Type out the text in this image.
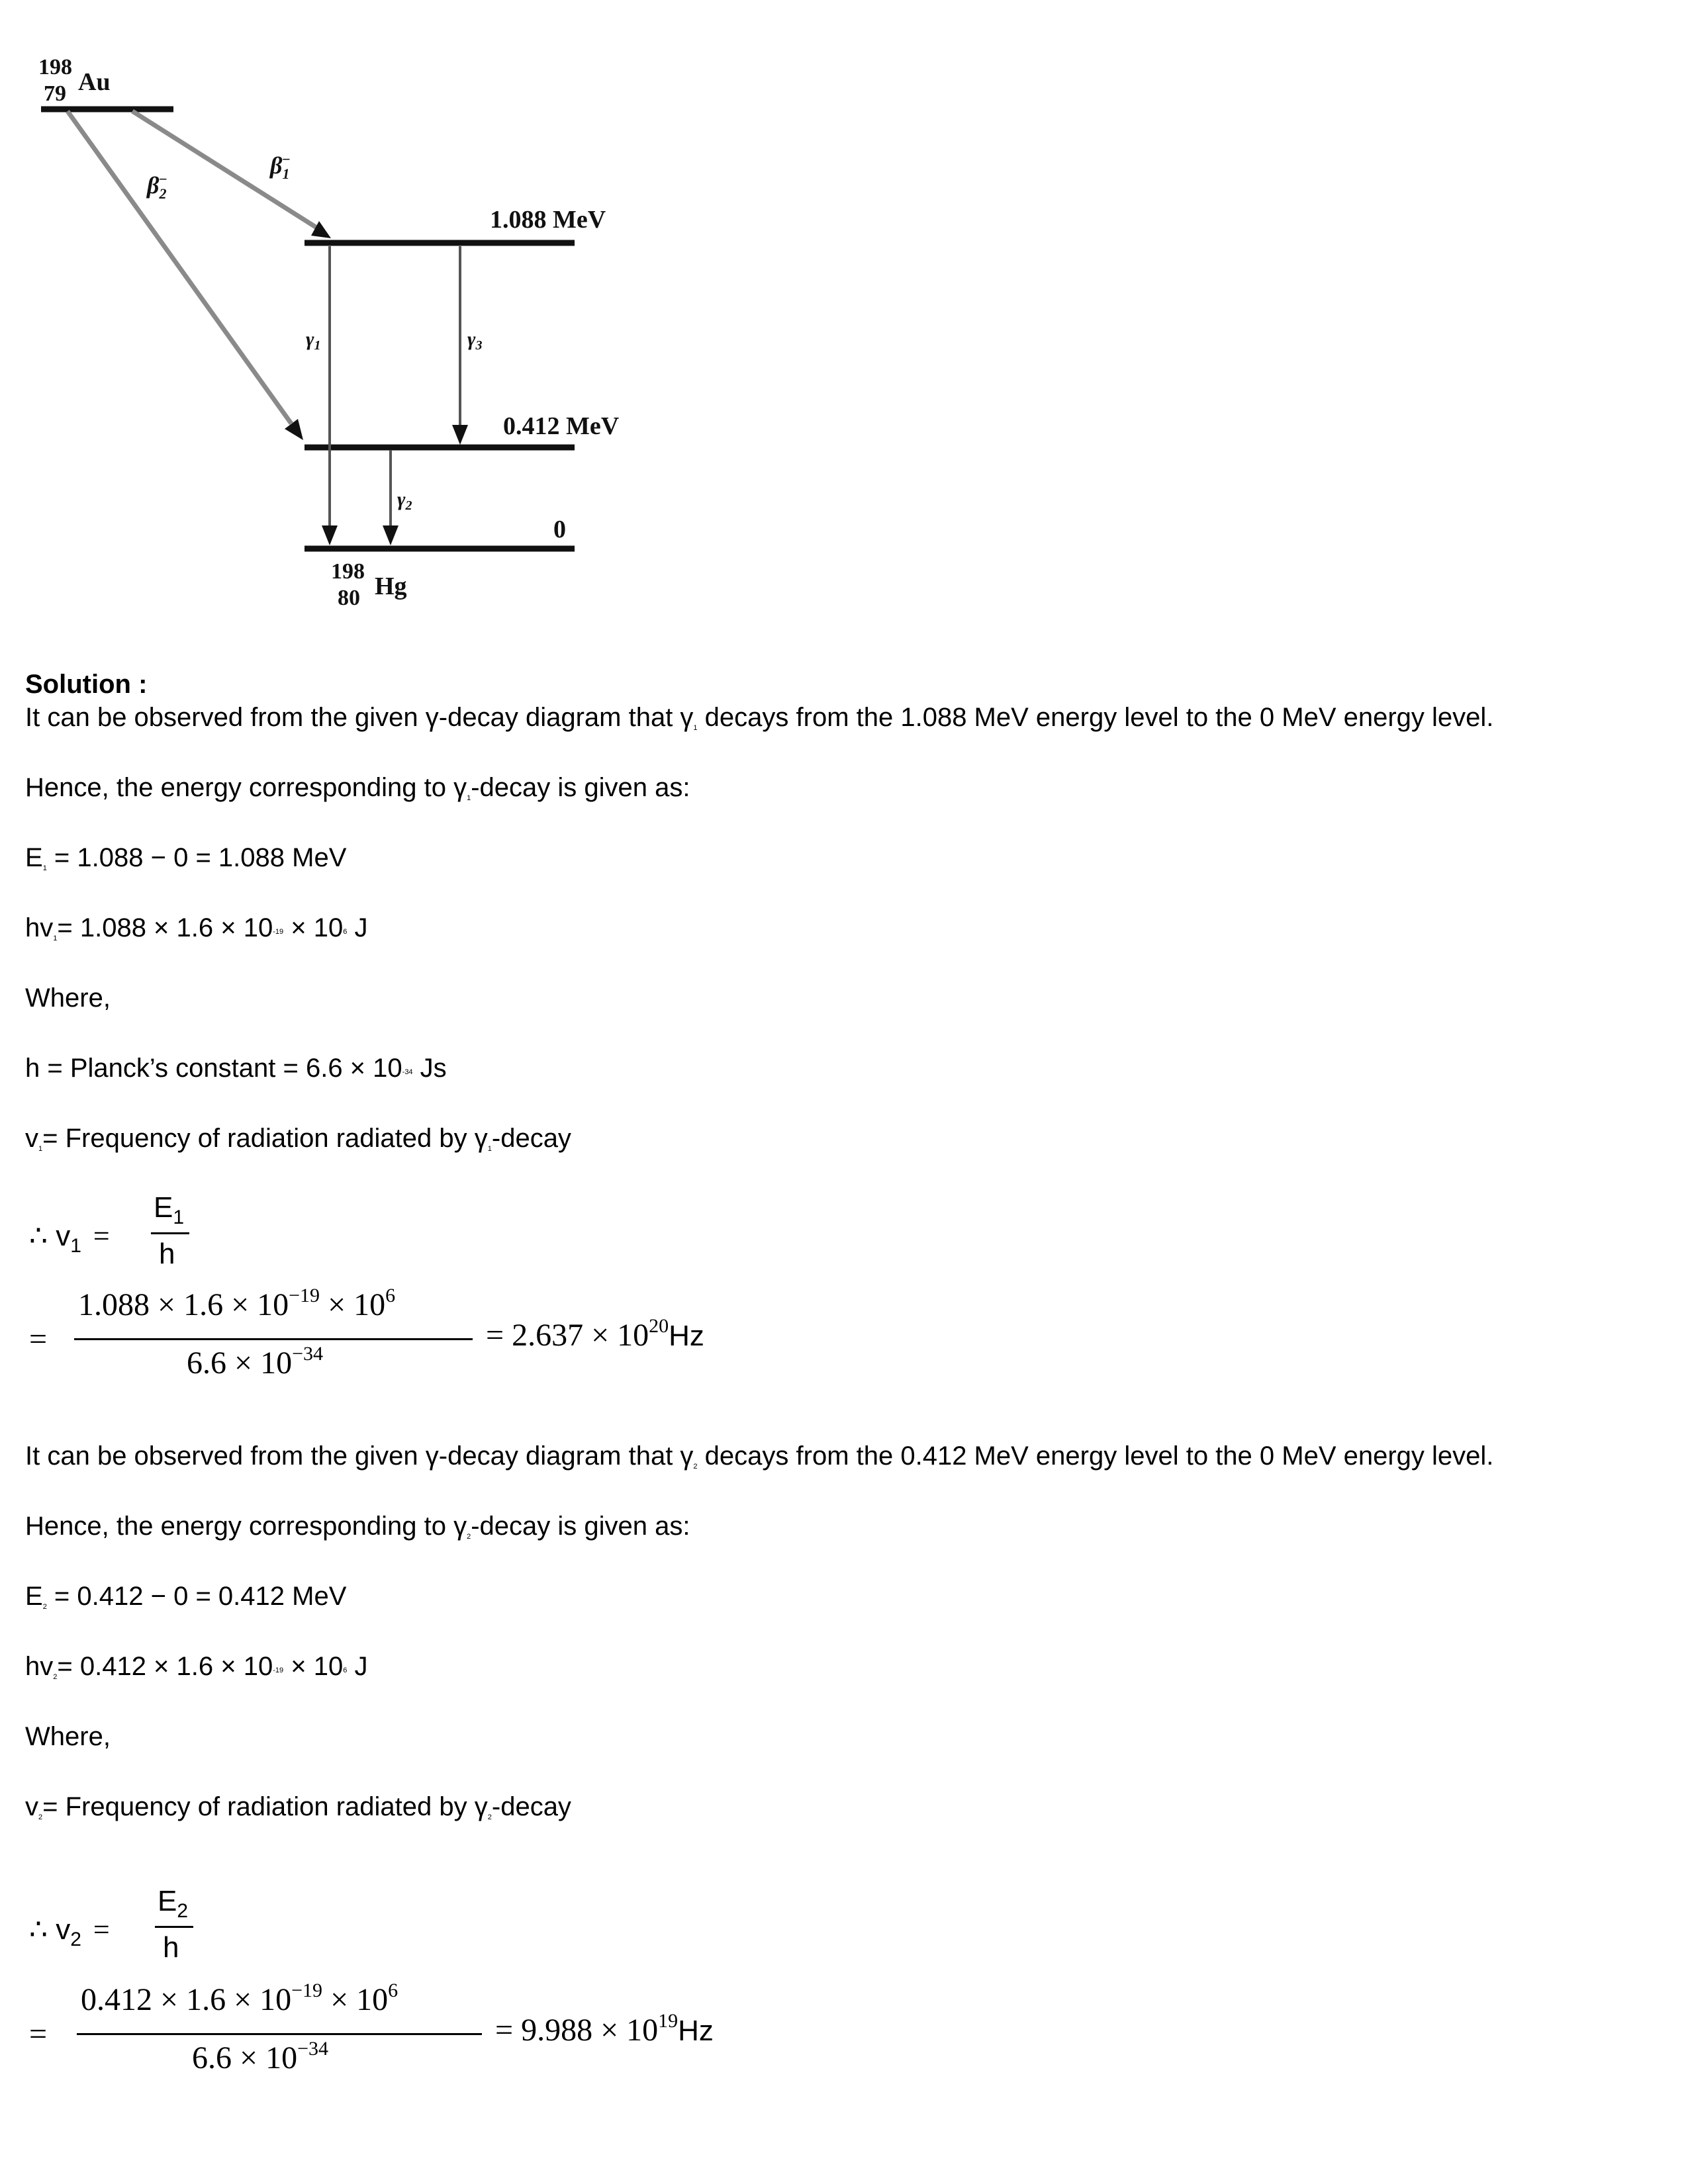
198
79 Au
$\beta_1-$
$\beta_2-$
$\gamma_1$	$\gamma_3$
$\gamma_2$
1.088 MeV
0.412 MeV
0
198
80 Hg
Solution :
It can be observed from the given γ-decay diagram that γ1 decays from the 1.088 MeV energy level to the 0 MeV energy level.
Hence, the energy corresponding to γ1-decay is given as:
E1 = 1.088 − 0 = 1.088 MeV
hv1= 1.088 × 1.6 × 10-19 × 106 J
Where,
h = Planck’s constant = 6.6 × 10-34 Js
v1= Frequency of radiation radiated by γ1-decay
∴ $v_1$ =
$E_1$
h
=
$1.088 \times 1.6 \times 10^{-19} \times 10^6$
$6.6 \times 10^{-34}$
= $2.637 \times 10^{20}Hz$
It can be observed from the given γ-decay diagram that γ2 decays from the 0.412 MeV energy level to the 0 MeV energy level.
Hence, the energy corresponding to γ2-decay is given as:
E2 = 0.412 − 0 = 0.412 MeV
hv2= 0.412 × 1.6 × 10-19 × 106 J
Where,
v2= Frequency of radiation radiated by γ2-decay
∴ $v_2$ =
$E_2$
h
=
$0.412 \times 1.6 \times 10^{-19} \times 10^6$
$6.6 \times 10^{-34}$
= $9.988 \times 10^{19}Hz$
